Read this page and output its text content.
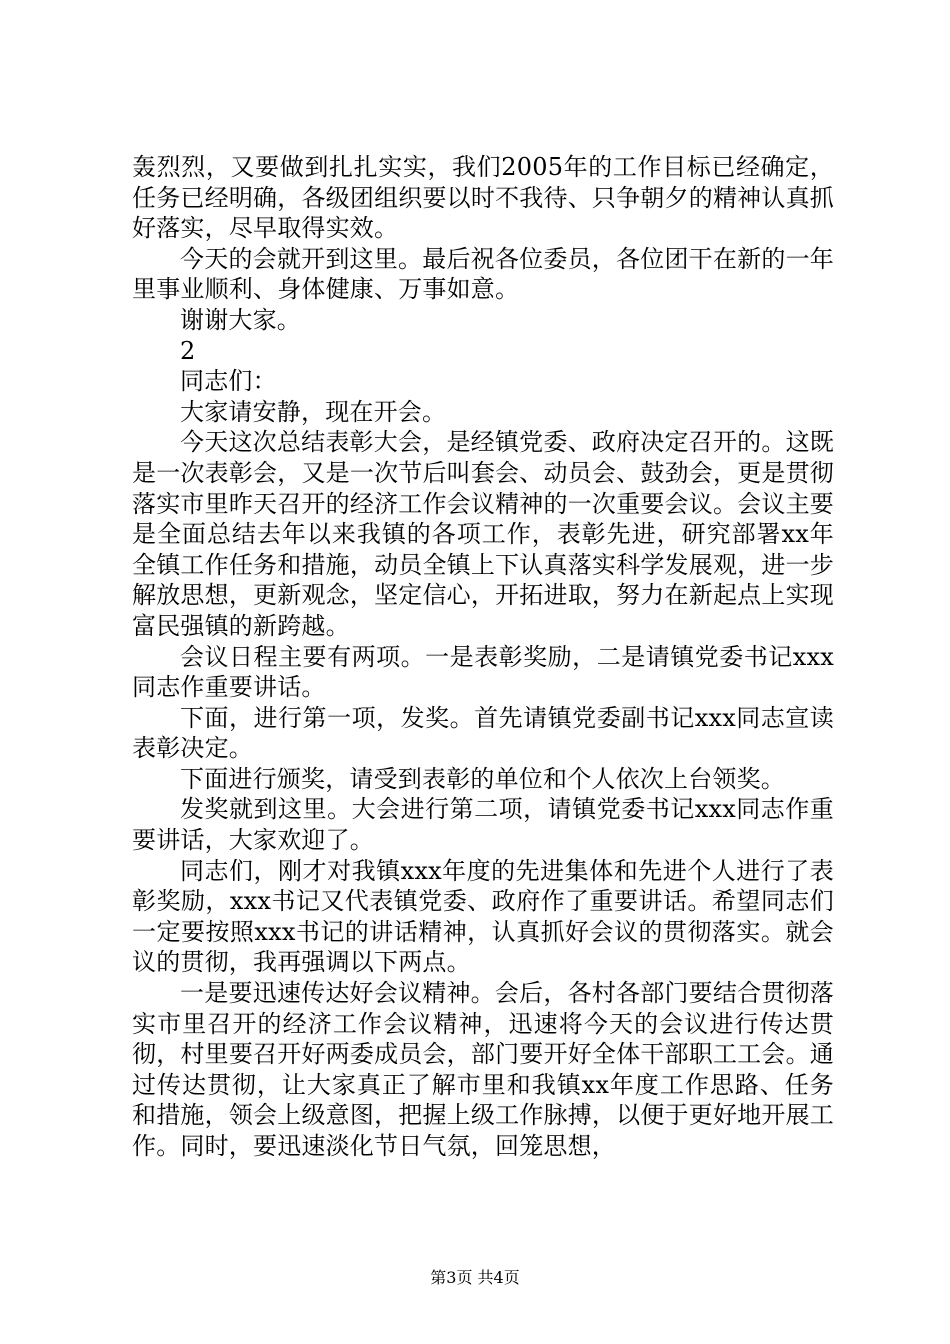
轰烈烈，又要做到扎扎实实，我们2005年的工作目标已经确定，任务已经明确，各级团组织要以时不我待、只争朝夕的精神认真抓好落实，尽早取得实效。

今天的会就开到这里。最后祝各位委员，各位团干在新的一年里事业顺利、身体健康、万事如意。

谢谢大家。

2

同志们：

大家请安静，现在开会。

今天这次总结表彰大会，是经镇党委、政府决定召开的。这既是一次表彰会，又是一次节后叫套会、动员会、鼓劲会，更是贯彻落实市里昨天召开的经济工作会议精神的一次重要会议。会议主要是全面总结去年以来我镇的各项工作，表彰先进，研究部署xx年全镇工作任务和措施，动员全镇上下认真落实科学发展观，进一步解放思想，更新观念，坚定信心，开拓进取，努力在新起点上实现富民强镇的新跨越。

会议日程主要有两项。一是表彰奖励，二是请镇党委书记xxx同志作重要讲话。

下面，进行第一项，发奖。首先请镇党委副书记xxx同志宣读表彰决定。

下面进行颁奖，请受到表彰的单位和个人依次上台领奖。

发奖就到这里。大会进行第二项，请镇党委书记xxx同志作重要讲话，大家欢迎了。

同志们，刚才对我镇xxx年度的先进集体和先进个人进行了表彰奖励，xxx书记又代表镇党委、政府作了重要讲话。希望同志们一定要按照xxx书记的讲话精神，认真抓好会议的贯彻落实。就会议的贯彻，我再强调以下两点。

一是要迅速传达好会议精神。会后，各村各部门要结合贯彻落实市里召开的经济工作会议精神，迅速将今天的会议进行传达贯彻，村里要召开好两委成员会，部门要开好全体干部职工工会。通过传达贯彻，让大家真正了解市里和我镇xx年度工作思路、任务和措施，领会上级意图，把握上级工作脉搏，以便于更好地开展工作。同时，要迅速淡化节日气氛，回笼思想，

第3页 共4页
